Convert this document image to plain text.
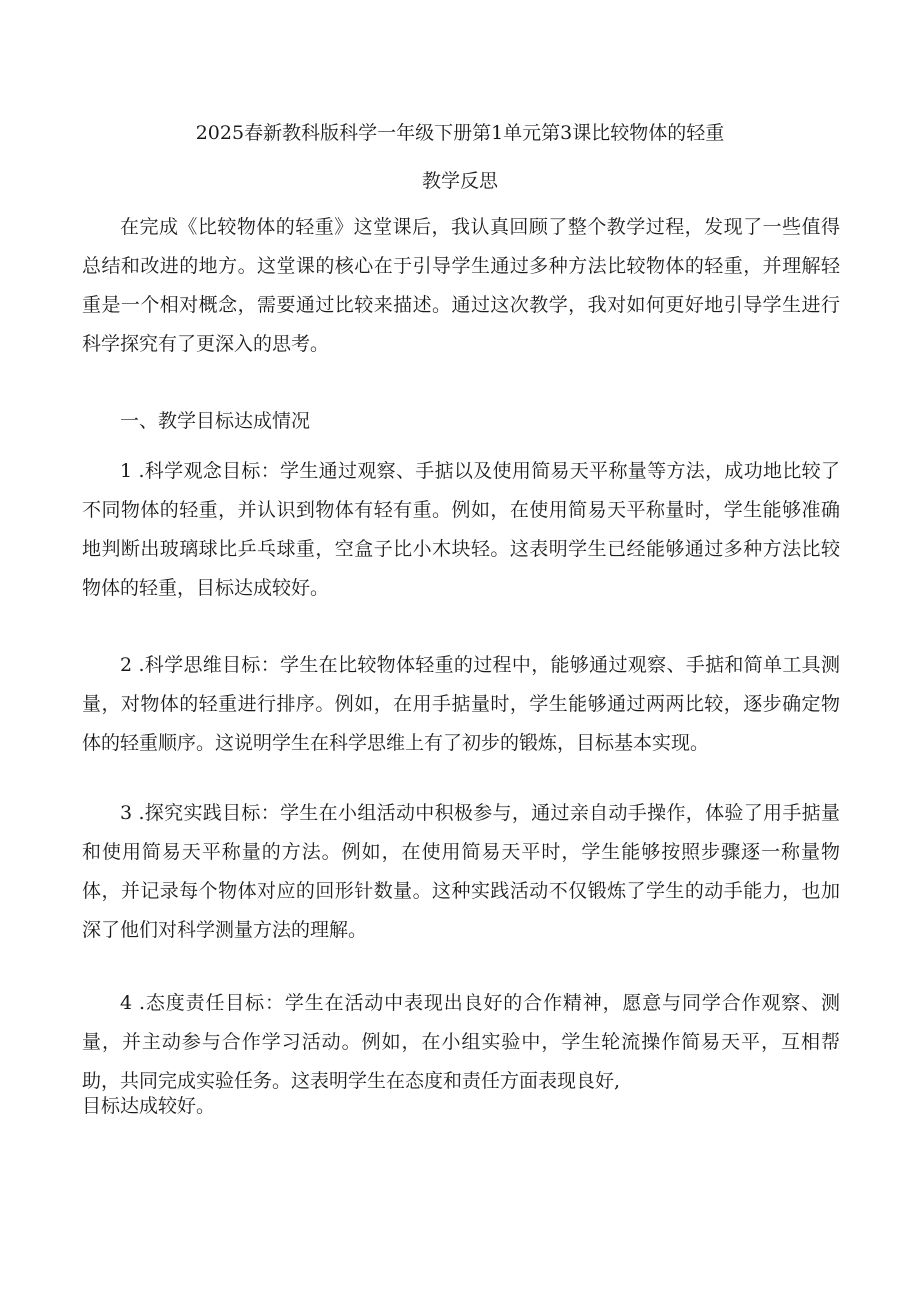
2025春新教科版科学一年级下册第1单元第3课比较物体的轻重
教学反思

在完成《比较物体的轻重》这堂课后，我认真回顾了整个教学过程，发现了一些值得总结和改进的地方。这堂课的核心在于引导学生通过多种方法比较物体的轻重，并理解轻重是一个相对概念，需要通过比较来描述。通过这次教学，我对如何更好地引导学生进行科学探究有了更深入的思考。

一、教学目标达成情况

1 .科学观念目标：学生通过观察、手掂以及使用简易天平称量等方法，成功地比较了不同物体的轻重，并认识到物体有轻有重。例如，在使用简易天平称量时，学生能够准确地判断出玻璃球比乒乓球重，空盒子比小木块轻。这表明学生已经能够通过多种方法比较物体的轻重，目标达成较好。

2 .科学思维目标：学生在比较物体轻重的过程中，能够通过观察、手掂和简单工具测量，对物体的轻重进行排序。例如，在用手掂量时，学生能够通过两两比较，逐步确定物体的轻重顺序。这说明学生在科学思维上有了初步的锻炼，目标基本实现。

3 .探究实践目标：学生在小组活动中积极参与，通过亲自动手操作，体验了用手掂量和使用简易天平称量的方法。例如，在使用简易天平时，学生能够按照步骤逐一称量物体，并记录每个物体对应的回形针数量。这种实践活动不仅锻炼了学生的动手能力，也加深了他们对科学测量方法的理解。

4 .态度责任目标：学生在活动中表现出良好的合作精神，愿意与同学合作观察、测量，并主动参与合作学习活动。例如，在小组实验中，学生轮流操作简易天平，互相帮助，共同完成实验任务。这表明学生在态度和责任方面表现良好,

目标达成较好。
